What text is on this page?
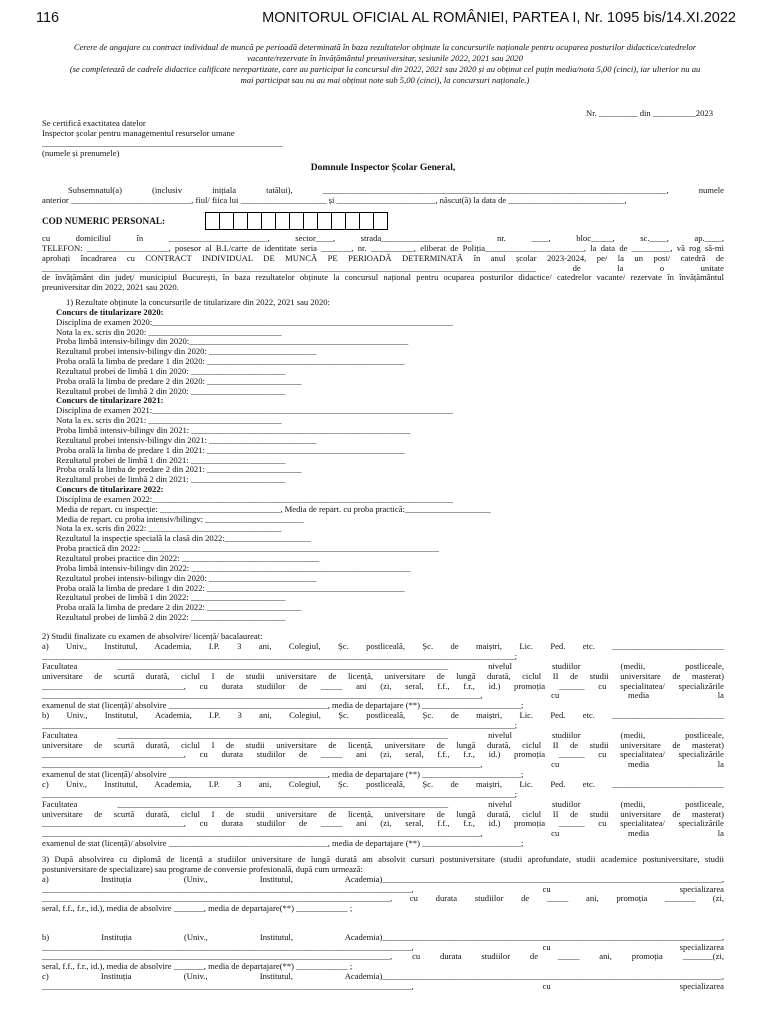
116	MONITORUL OFICIAL AL ROMÂNIEI, PARTEA I, Nr. 1095 bis/14.XI.2022
Cerere de angajare cu contract individual de muncă pe perioadă determinată în baza rezultatelor obținute la concursurile naționale pentru ocuparea posturilor didactice/catedrelor
vacante/rezervate în învățământul preuniversitar, sesiunile 2022, 2021 sau 2020
(se completează de cadrele didactice calificate nerepartizate, care au participat la concursul din 2022, 2021 sau 2020 și au obținut cel puțin media/nota 5,00 (cinci), iar ulterior nu au
mai participat sau nu au mai obținut note sub 5,00 (cinci), la concursuri naționale.)
Nr. _________ din __________2023
Se certifică exactitatea datelor
Inspector școlar pentru managementul resurselor umane
________________________________________________________
(numele și prenumele)
Domnule Inspector Școlar General,
Subsemnatul(a) (inclusiv inițiala tatălui), ________________________________________________________________________________, numele
anterior ____________________________, fiul/ fiica lui ____________________ și _______________________, născut(ă) la data de ___________________________,
cu domiciliul în _______________________, sector____, strada_____________________ nr. ____, bloc_____, sc.____, ap.____,
TELEFON: ___________________, posesor al B.I./carte de identitate seria _______, nr. __________, eliberat de Poliția_______________________, la data de _________, vă rog să-mi
aprobați încadrarea cu CONTRACT INDIVIDUAL DE MUNCĂ PE PERIOADĂ DETERMINATĂ în anul școlar 2023-2024, pe/ la un post/ catedră de
___________________________________________________________________________________________________________________ de la o unitate
de învățământ din județ/ municipiul București, în baza rezultatelor obținute la concursul național pentru ocuparea posturilor didactice/ catedrelor vacante/ rezervate în învățământul
preuniversitar din 2022, 2021 sau 2020.
1) Rezultate obținute la concursurile de titularizare din 2022, 2021 sau 2020:
Concurs de titularizare 2020:
Disciplina de examen 2020:______________________________________________________________________
Nota la ex. scris din 2020: _______________________________
Proba limbă intensiv-bilingv din 2020:___________________________________________________
Rezultatul probei intensiv-bilingv din 2020: _________________________
Proba orală la limba de predare 1 din 2020: ______________________________________________
Rezultatul probei de limbă 1 din 2020: ______________________
Proba orală la limba de predare 2 din 2020: ______________________
Rezultatul probei de limbă 2 din 2020: ______________________
Concurs de titularizare 2021:
Disciplina de examen 2021:______________________________________________________________________
Nota la ex. scris din 2021: _______________________________
Proba limbă intensiv-bilingv din 2021: ___________________________________________________
Rezultatul probei intensiv-bilingv din 2021: _________________________
Proba orală la limba de predare 1 din 2021: ______________________________________________
Rezultatul probei de limbă 1 din 2021: ______________________
Proba orală la limba de predare 2 din 2021: ______________________
Rezultatul probei de limbă 2 din 2021: ______________________
Concurs de titularizare 2022:
Disciplina de examen 2022:______________________________________________________________________
Media de repart. cu inspecție: ____________________________, Media de repart. cu proba practică:____________________
Media de repart. cu proba intensiv/bilingv: _______________________
Nota la ex. scris din 2022: _______________________________
Rezultatul la inspecție specială la clasă din 2022:____________________
Proba practică din 2022: _____________________________________________________________________
Rezultatul probei practice din 2022: ________________________________
Proba limbă intensiv-bilingv din 2022: ___________________________________________________
Rezultatul probei intensiv-bilingv din 2020: _________________________
Proba orală la limba de predare 1 din 2022: ______________________________________________
Rezultatul probei de limbă 1 din 2022: ______________________
Proba orală la limba de predare 2 din 2022: ______________________
Rezultatul probei de limbă 2 din 2022: ______________________
2) Studii finalizate cu examen de absolvire/ licență/ bacalaureat:
a) Univ., Institutul, Academia, I.P. 3 ani, Colegiul, Șc. postliceală, Șc. de maiștri, Lic. Ped. etc. __________________________
______________________________________________________________________________________________________________;
Facultatea _____________________________________________________________________________ nivelul studiilor (medii, postliceale,
universitare de scurtă durată, ciclul I de studii universitare de licență, universitare de lungă durată, ciclul II de studii universitare de masterat)
_________________________________, cu durata studiilor de _____ ani (zi, seral, f.f., f.r., id.) promoția ______ cu specialitatea/ specializările
______________________________________________________________________________________________________, cu media la
examenul de stat (licență)/ absolvire _____________________________________, media de departajare (**) _______________________;
b) Univ., Institutul, Academia, I.P. 3 ani, Colegiul, Șc. postliceală, Șc. de maiștri, Lic. Ped. etc. __________________________
______________________________________________________________________________________________________________;
Facultatea _____________________________________________________________________________ nivelul studiilor (medii, postliceale,
universitare de scurtă durată, ciclul I de studii universitare de licență, universitare de lungă durată, ciclul II de studii universitare de masterat)
_________________________________, cu durata studiilor de _____ ani (zi, seral, f.f., f.r., id.) promoția ______ cu specialitatea/ specializările
______________________________________________________________________________________________________, cu media la
examenul de stat (licență)/ absolvire _____________________________________, media de departajare (**) _______________________;
c) Univ., Institutul, Academia, I.P. 3 ani, Colegiul, Șc. postliceală, Șc. de maiștri, Lic. Ped. etc. __________________________
______________________________________________________________________________________________________________;
Facultatea _____________________________________________________________________________ nivelul studiilor (medii, postliceale,
universitare de scurtă durată, ciclul I de studii universitare de licență, universitare de lungă durată, ciclul II de studii universitare de masterat)
_________________________________, cu durata studiilor de _____ ani (zi, seral, f.f., f.r., id.) promoția ______ cu specialitatea/ specializările
______________________________________________________________________________________________________, cu media la
examenul de stat (licență)/ absolvire _____________________________________, media de departajare (**) _______________________;
3) După absolvirea cu diplomă de licență a studiilor universitare de lungă durată am absolvit cursuri postuniversitare (studii aprofundate, studii academice postuniversitare, studii
postuniversitare de specializare) sau programe de conversie profesională, după cum urmează:
a) Instituția (Univ., Institutul, Academia)_______________________________________________________________________________,
______________________________________________________________________________________, cu specializarea
_________________________________________________________________________________, cu durata studiilor de _____ ani, promoția _______ (zi,
seral, f.f., f.r., id.), media de absolvire _______, media de departajare(**) ____________ ;
b) Instituția (Univ., Institutul, Academia)_______________________________________________________________________________,
______________________________________________________________________________________, cu specializarea
_________________________________________________________________________________, cu durata studiilor de _____ ani, promoția _______(zi,
seral, f.f., f.r., id.), media de absolvire _______, media de departajare(**) ____________ ;
c) Instituția (Univ., Institutul, Academia)_______________________________________________________________________________,
______________________________________________________________________________________, cu specializarea
COD NUMERIC PERSONAL:
